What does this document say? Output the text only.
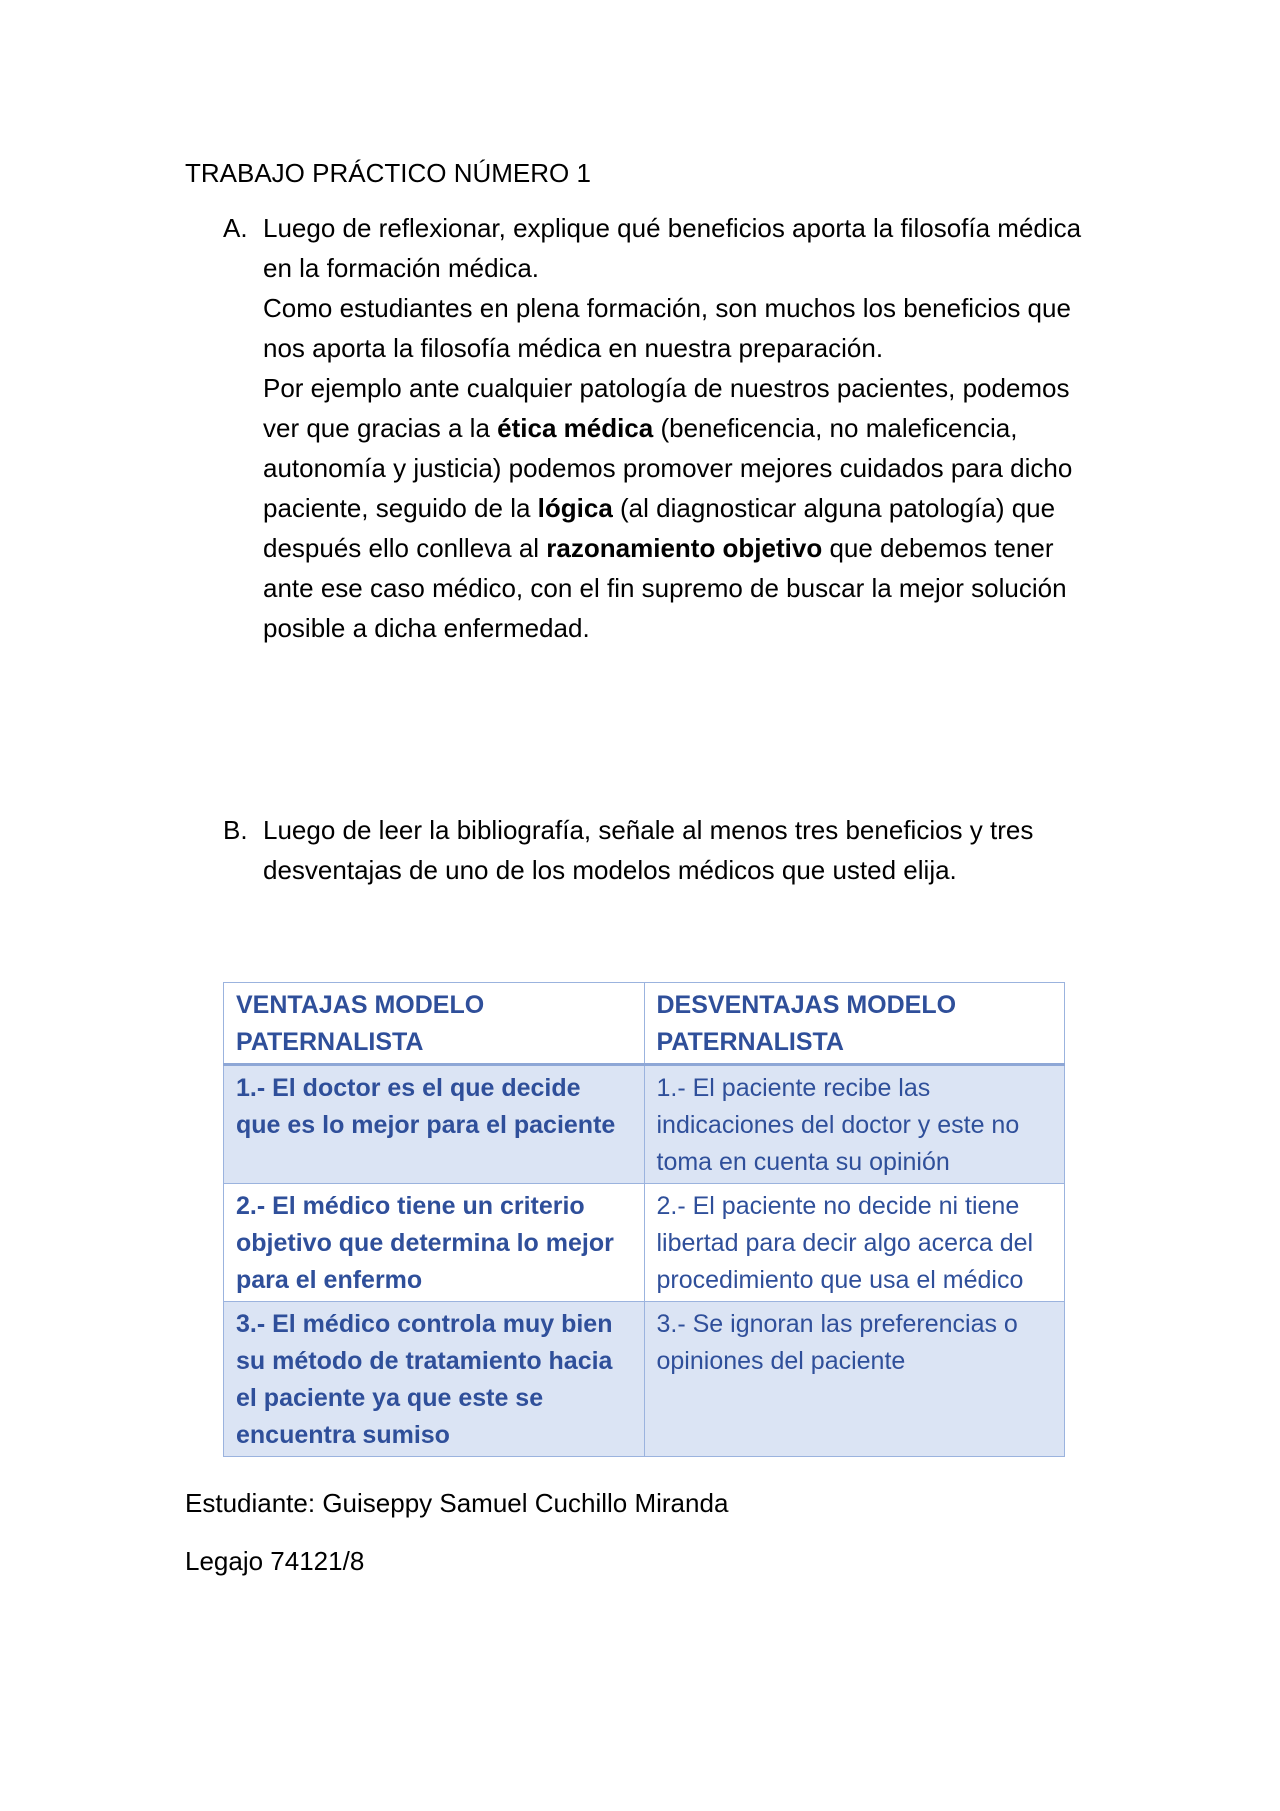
TRABAJO PRÁCTICO NÚMERO 1
A. Luego de reflexionar, explique qué beneficios aporta la filosofía médica en la formación médica.

Como estudiantes en plena formación, son muchos los beneficios que nos aporta la filosofía médica en nuestra preparación.

Por ejemplo ante cualquier patología de nuestros pacientes, podemos ver que gracias a la ética médica (beneficencia, no maleficencia, autonomía y justicia) podemos promover mejores cuidados para dicho paciente, seguido de la lógica (al diagnosticar alguna patología) que después ello conlleva al razonamiento objetivo que debemos tener ante ese caso médico, con el fin supremo de buscar la mejor solución posible a dicha enfermedad.

B. Luego de leer la bibliografía, señale al menos tres beneficios y tres desventajas de uno de los modelos médicos que usted elija.

VENTAJAS MODELO PATERNALISTA	DESVENTAJAS MODELO PATERNALISTA
1.- El doctor es el que decide que es lo mejor para el paciente	1.- El paciente recibe las indicaciones del doctor y este no toma en cuenta su opinión
2.- El médico tiene un criterio objetivo que determina lo mejor para el enfermo	2.- El paciente no decide ni tiene libertad para decir algo acerca del procedimiento que usa el médico
3.- El médico controla muy bien su método de tratamiento hacia el paciente ya que este se encuentra sumiso	3.- Se ignoran las preferencias o opiniones del paciente
Estudiante: Guiseppy Samuel Cuchillo Miranda
Legajo 74121/8
